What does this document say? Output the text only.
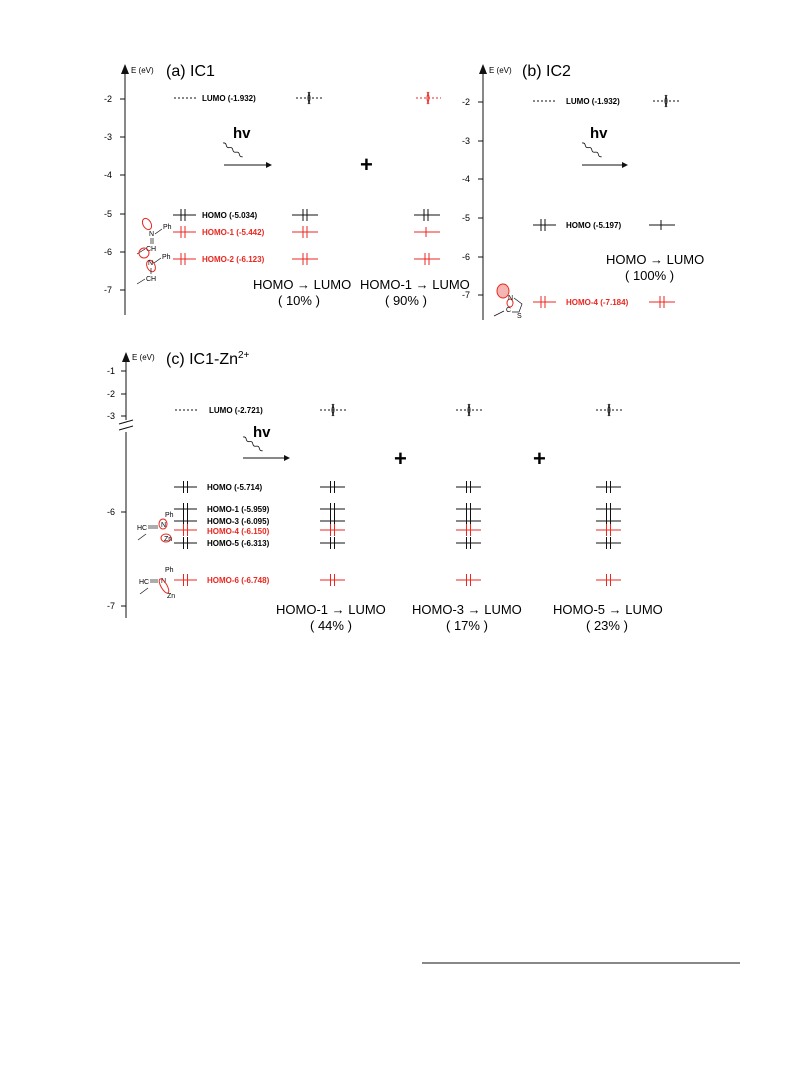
E (eV) (a) IC1
-2
-3
-4
-5
-6
-7
LUMO (-1.932)
HOMO (-5.034)
HOMO-1 (-5.442)
HOMO-2 (-6.123)
N
Ph
CH
N
Ph
CH
hv
+
HOMO → LUMO
( 10% )
HOMO-1 → LUMO
( 90% )
E (eV) (b) IC2
-2
-3
-4
-5
-6
-7
LUMO (-1.932)
HOMO (-5.197)
HOMO-4 (-7.184)
N
C
S
hv
HOMO → LUMO
( 100% )
E (eV) (c) $IC1-Zn^{2+}$
-1
-2
-3
-6
-7
LUMO (-2.721)
HOMO (-5.714)
HOMO-1 (-5.959)
HOMO-3 (-6.095)
HOMO-4 (-6.150)
HOMO-5 (-6.313)
HOMO-6 (-6.748)
Ph
N
HC
Zn
Ph
N
HC
Zn
hv
+	+
HOMO-1 → LUMO
( 44% )
HOMO-3 → LUMO
( 17% )
HOMO-5 → LUMO
( 23% )
